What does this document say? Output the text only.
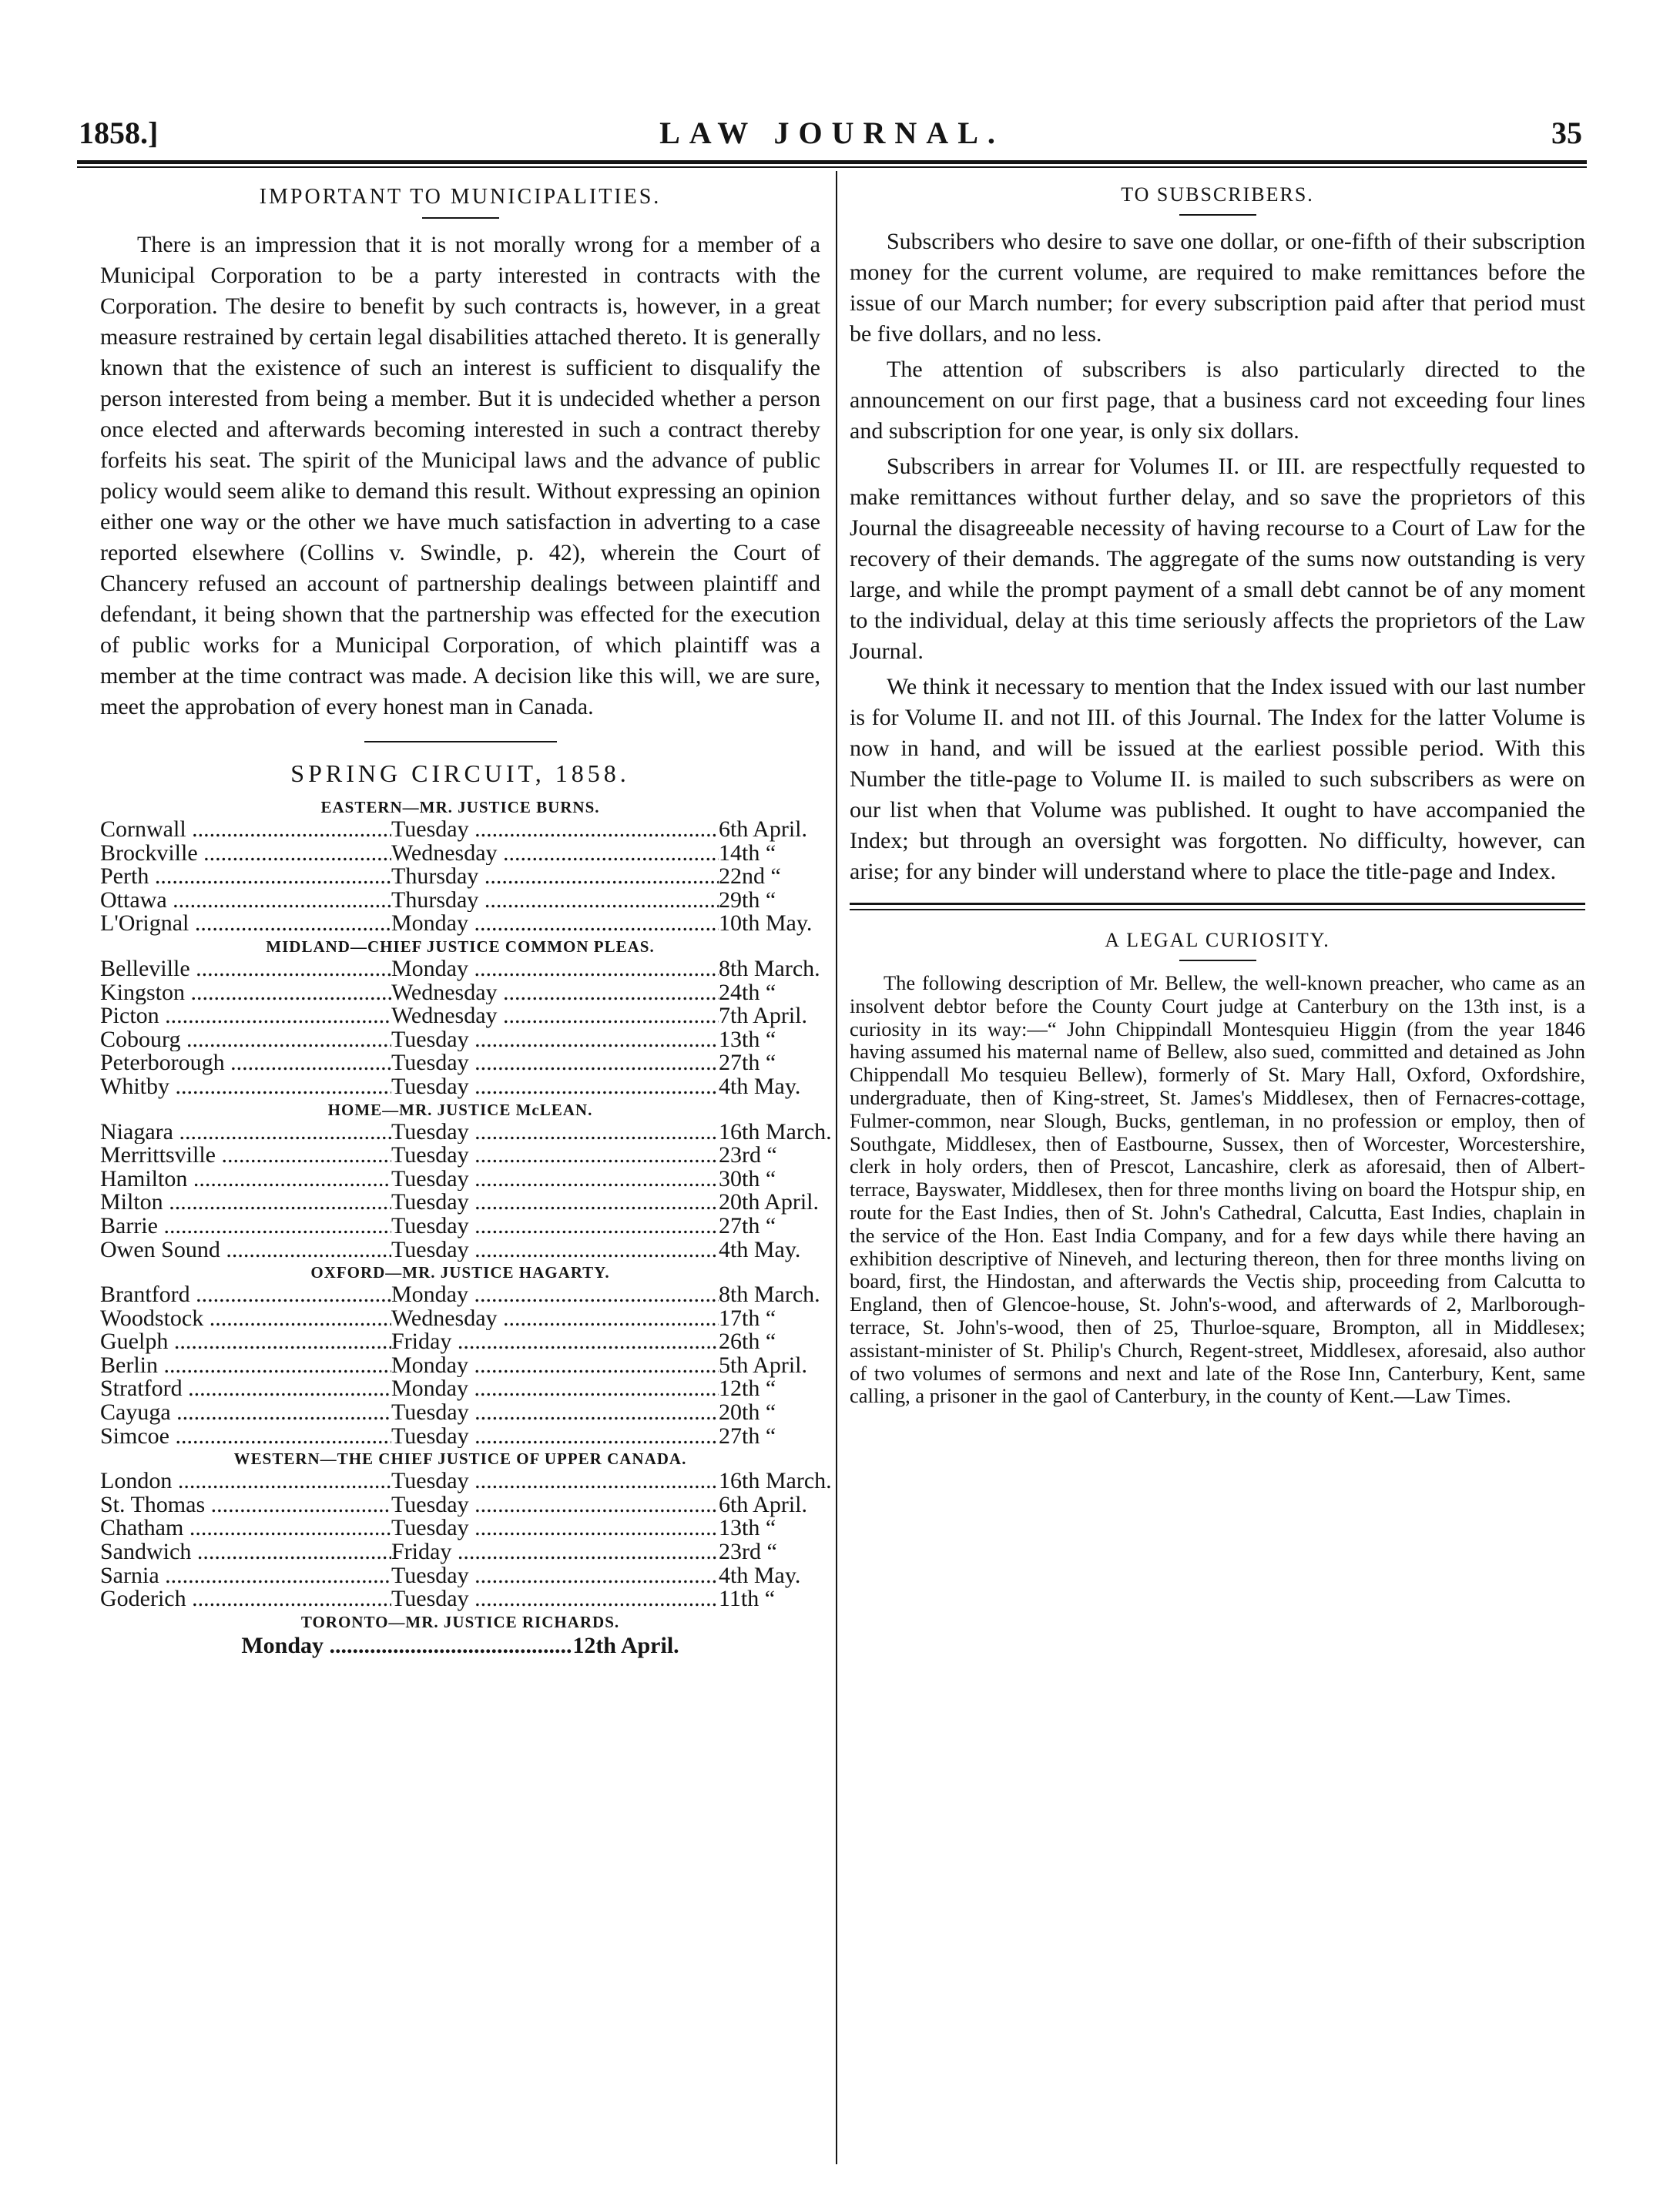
1858.]	LAW JOURNAL.	35
IMPORTANT TO MUNICIPALITIES.

There is an impression that it is not morally wrong for a member of a Municipal Corporation to be a party interested in contracts with the Corporation. The desire to benefit by such contracts is, however, in a great measure restrained by certain legal disabilities attached thereto. It is generally known that the existence of such an interest is sufficient to disqualify the person interested from being a member. But it is undecided whether a person once elected and afterwards becoming interested in such a contract thereby forfeits his seat. The spirit of the Municipal laws and the advance of public policy would seem alike to demand this result. Without expressing an opinion either one way or the other we have much satisfaction in adverting to a case reported elsewhere (Collins v. Swindle, p. 42), wherein the Court of Chancery refused an account of partnership dealings between plaintiff and defendant, it being shown that the partnership was effected for the execution of public works for a Municipal Corporation, of which plaintiff was a member at the time contract was made. A decision like this will, we are sure, meet the approbation of every honest man in Canada.

SPRING CIRCUIT, 1858.
EASTERN—MR. JUSTICE BURNS.
Cornwall .....	Tuesday .....	6th April.
Brockville .....	Wednesday .....	14th “
Perth .....	Thursday .....	22nd “
Ottawa .....	Thursday .....	29th “
L'Orignal .....	Monday .....	10th May.
MIDLAND—CHIEF JUSTICE COMMON PLEAS.
Belleville .....	Monday .....	8th March.
Kingston .....	Wednesday .....	24th “
Picton .....	Wednesday .....	7th April.
Cobourg .....	Tuesday .....	13th “
Peterborough .....	Tuesday .....	27th “
Whitby .....	Tuesday .....	4th May.
HOME—MR. JUSTICE McLEAN.
Niagara .....	Tuesday .....	16th March.
Merrittsville .....	Tuesday .....	23rd “
Hamilton .....	Tuesday .....	30th “
Milton .....	Tuesday .....	20th April.
Barrie .....	Tuesday .....	27th “
Owen Sound .....	Tuesday .....	4th May.
OXFORD—MR. JUSTICE HAGARTY.
Brantford .....	Monday .....	8th March.
Woodstock .....	Wednesday .....	17th “
Guelph .....	Friday .....	26th “
Berlin .....	Monday .....	5th April.
Stratford .....	Monday .....	12th “
Cayuga .....	Tuesday .....	20th “
Simcoe .....	Tuesday .....	27th “
WESTERN—THE CHIEF JUSTICE OF UPPER CANADA.
London .....	Tuesday .....	16th March.
St. Thomas .....	Tuesday .....	6th April.
Chatham .....	Tuesday .....	13th “
Sandwich .....	Friday .....	23rd “
Sarnia .....	Tuesday .....	4th May.
Goderich .....	Tuesday .....	11th “
TORONTO—MR. JUSTICE RICHARDS.
Monday .....	12th April.
TO SUBSCRIBERS.

Subscribers who desire to save one dollar, or one-fifth of their subscription money for the current volume, are required to make remittances before the issue of our March number; for every subscription paid after that period must be five dollars, and no less.

The attention of subscribers is also particularly directed to the announcement on our first page, that a business card not exceeding four lines and subscription for one year, is only six dollars.

Subscribers in arrear for Volumes II. or III. are respectfully requested to make remittances without further delay, and so save the proprietors of this Journal the disagreeable necessity of having recourse to a Court of Law for the recovery of their demands. The aggregate of the sums now outstanding is very large, and while the prompt payment of a small debt cannot be of any moment to the individual, delay at this time seriously affects the proprietors of the Law Journal.

We think it necessary to mention that the Index issued with our last number is for Volume II. and not III. of this Journal. The Index for the latter Volume is now in hand, and will be issued at the earliest possible period. With this Number the title-page to Volume II. is mailed to such subscribers as were on our list when that Volume was published. It ought to have accompanied the Index; but through an oversight was forgotten. No difficulty, however, can arise; for any binder will understand where to place the title-page and Index.

A LEGAL CURIOSITY.

The following description of Mr. Bellew, the well-known preacher, who came as an insolvent debtor before the County Court judge at Canterbury on the 13th inst, is a curiosity in its way:—“ John Chippindall Montesquieu Higgin (from the year 1846 having assumed his maternal name of Bellew, also sued, committed and detained as John Chippendall Mo tesquieu Bellew), formerly of St. Mary Hall, Oxford, Oxfordshire, undergraduate, then of King-street, St. James's Middlesex, then of Fernacres-cottage, Fulmer-common, near Slough, Bucks, gentleman, in no profession or employ, then of Southgate, Middlesex, then of Eastbourne, Sussex, then of Worcester, Worcestershire, clerk in holy orders, then of Prescot, Lancashire, clerk as aforesaid, then of Albert-terrace, Bayswater, Middlesex, then for three months living on board the Hotspur ship, en route for the East Indies, then of St. John's Cathedral, Calcutta, East Indies, chaplain in the service of the Hon. East India Company, and for a few days while there having an exhibition descriptive of Nineveh, and lecturing thereon, then for three months living on board, first, the Hindostan, and afterwards the Vectis ship, proceeding from Calcutta to England, then of Glencoe-house, St. John's-wood, and afterwards of 2, Marlborough-terrace, St. John's-wood, then of 25, Thurloe-square, Brompton, all in Middlesex; assistant-minister of St. Philip's Church, Regent-street, Middlesex, aforesaid, also author of two volumes of sermons and next and late of the Rose Inn, Canterbury, Kent, same calling, a prisoner in the gaol of Canterbury, in the county of Kent.—Law Times.
